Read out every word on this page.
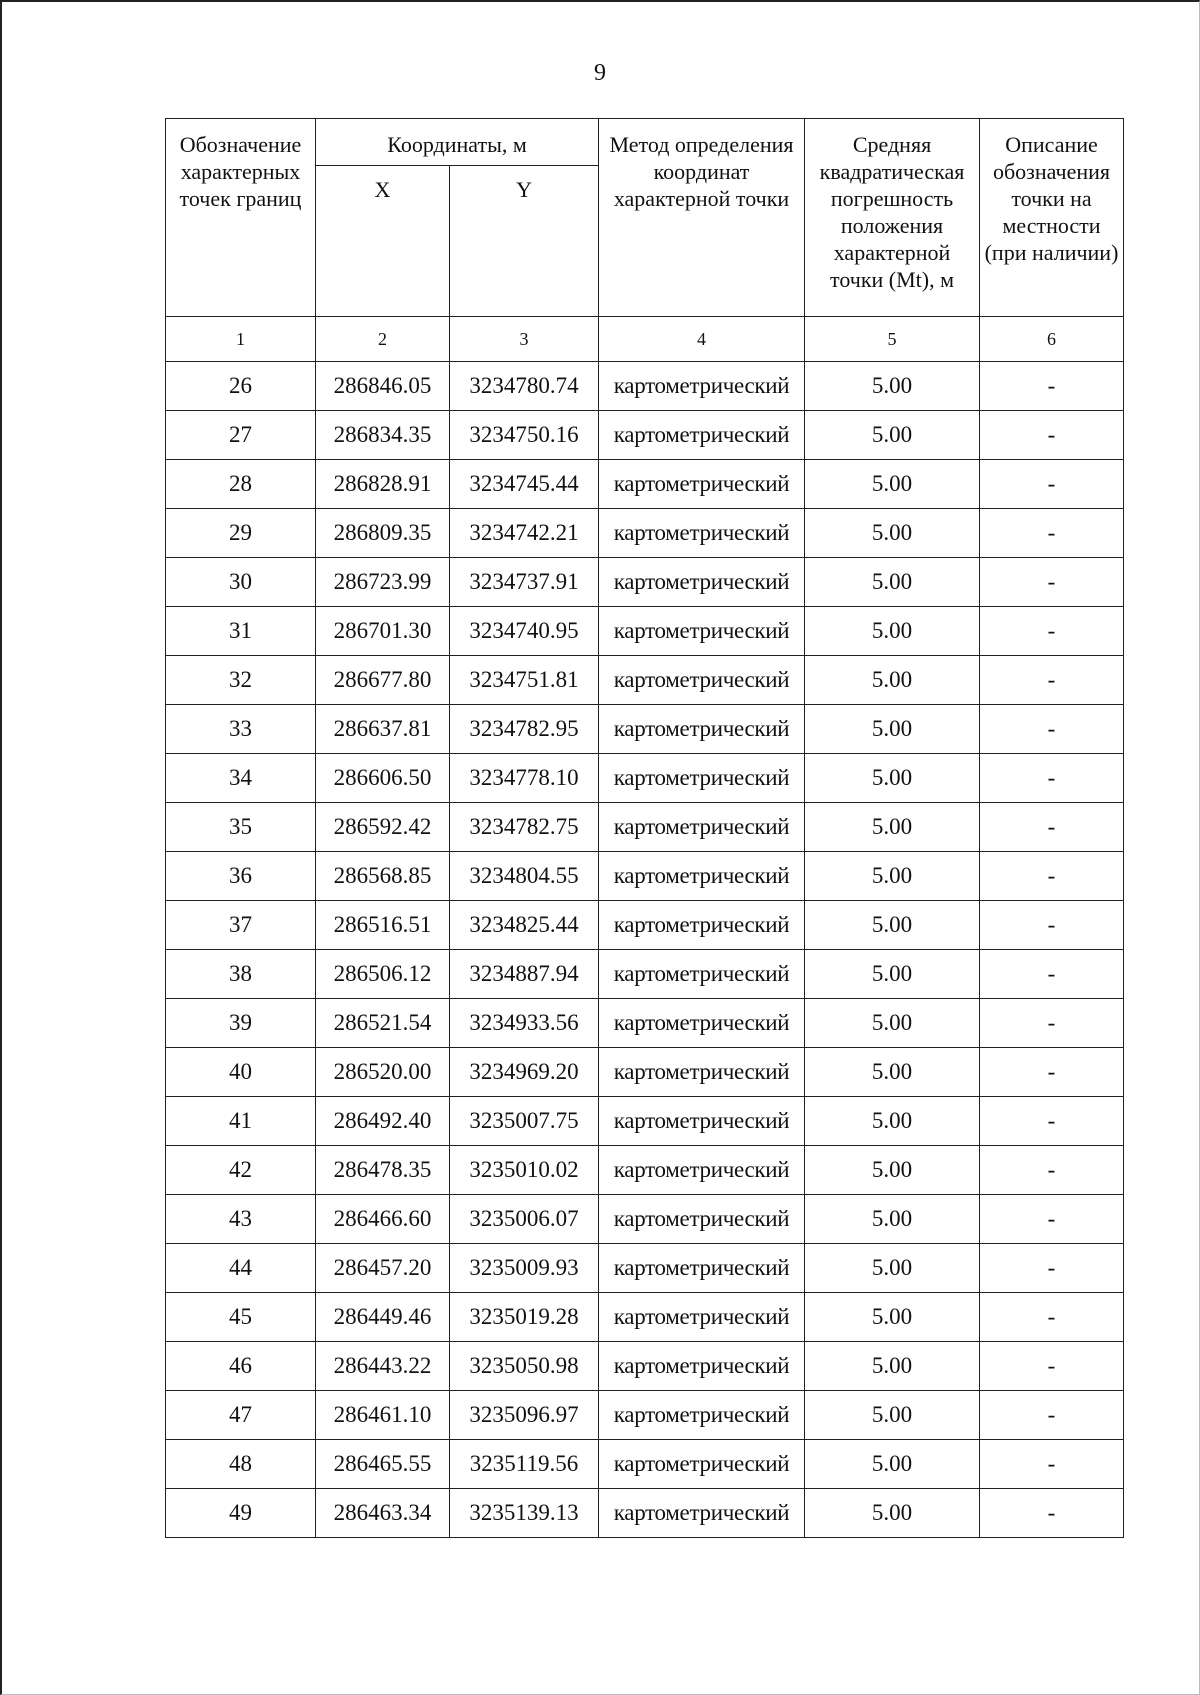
9
Обозначение характерных точек границ	Координаты, м		Метод определения координат характерной точки	Средняя квадратическая погрешность положения характерной точки (Mt), м	Описание обозначения точки на местности (при наличии)
	X	Y			
1	2	3	4	5	6
26	286846.05	3234780.74	картометрический	5.00	-
27	286834.35	3234750.16	картометрический	5.00	-
28	286828.91	3234745.44	картометрический	5.00	-
29	286809.35	3234742.21	картометрический	5.00	-
30	286723.99	3234737.91	картометрический	5.00	-
31	286701.30	3234740.95	картометрический	5.00	-
32	286677.80	3234751.81	картометрический	5.00	-
33	286637.81	3234782.95	картометрический	5.00	-
34	286606.50	3234778.10	картометрический	5.00	-
35	286592.42	3234782.75	картометрический	5.00	-
36	286568.85	3234804.55	картометрический	5.00	-
37	286516.51	3234825.44	картометрический	5.00	-
38	286506.12	3234887.94	картометрический	5.00	-
39	286521.54	3234933.56	картометрический	5.00	-
40	286520.00	3234969.20	картометрический	5.00	-
41	286492.40	3235007.75	картометрический	5.00	-
42	286478.35	3235010.02	картометрический	5.00	-
43	286466.60	3235006.07	картометрический	5.00	-
44	286457.20	3235009.93	картометрический	5.00	-
45	286449.46	3235019.28	картометрический	5.00	-
46	286443.22	3235050.98	картометрический	5.00	-
47	286461.10	3235096.97	картометрический	5.00	-
48	286465.55	3235119.56	картометрический	5.00	-
49	286463.34	3235139.13	картометрический	5.00	-
